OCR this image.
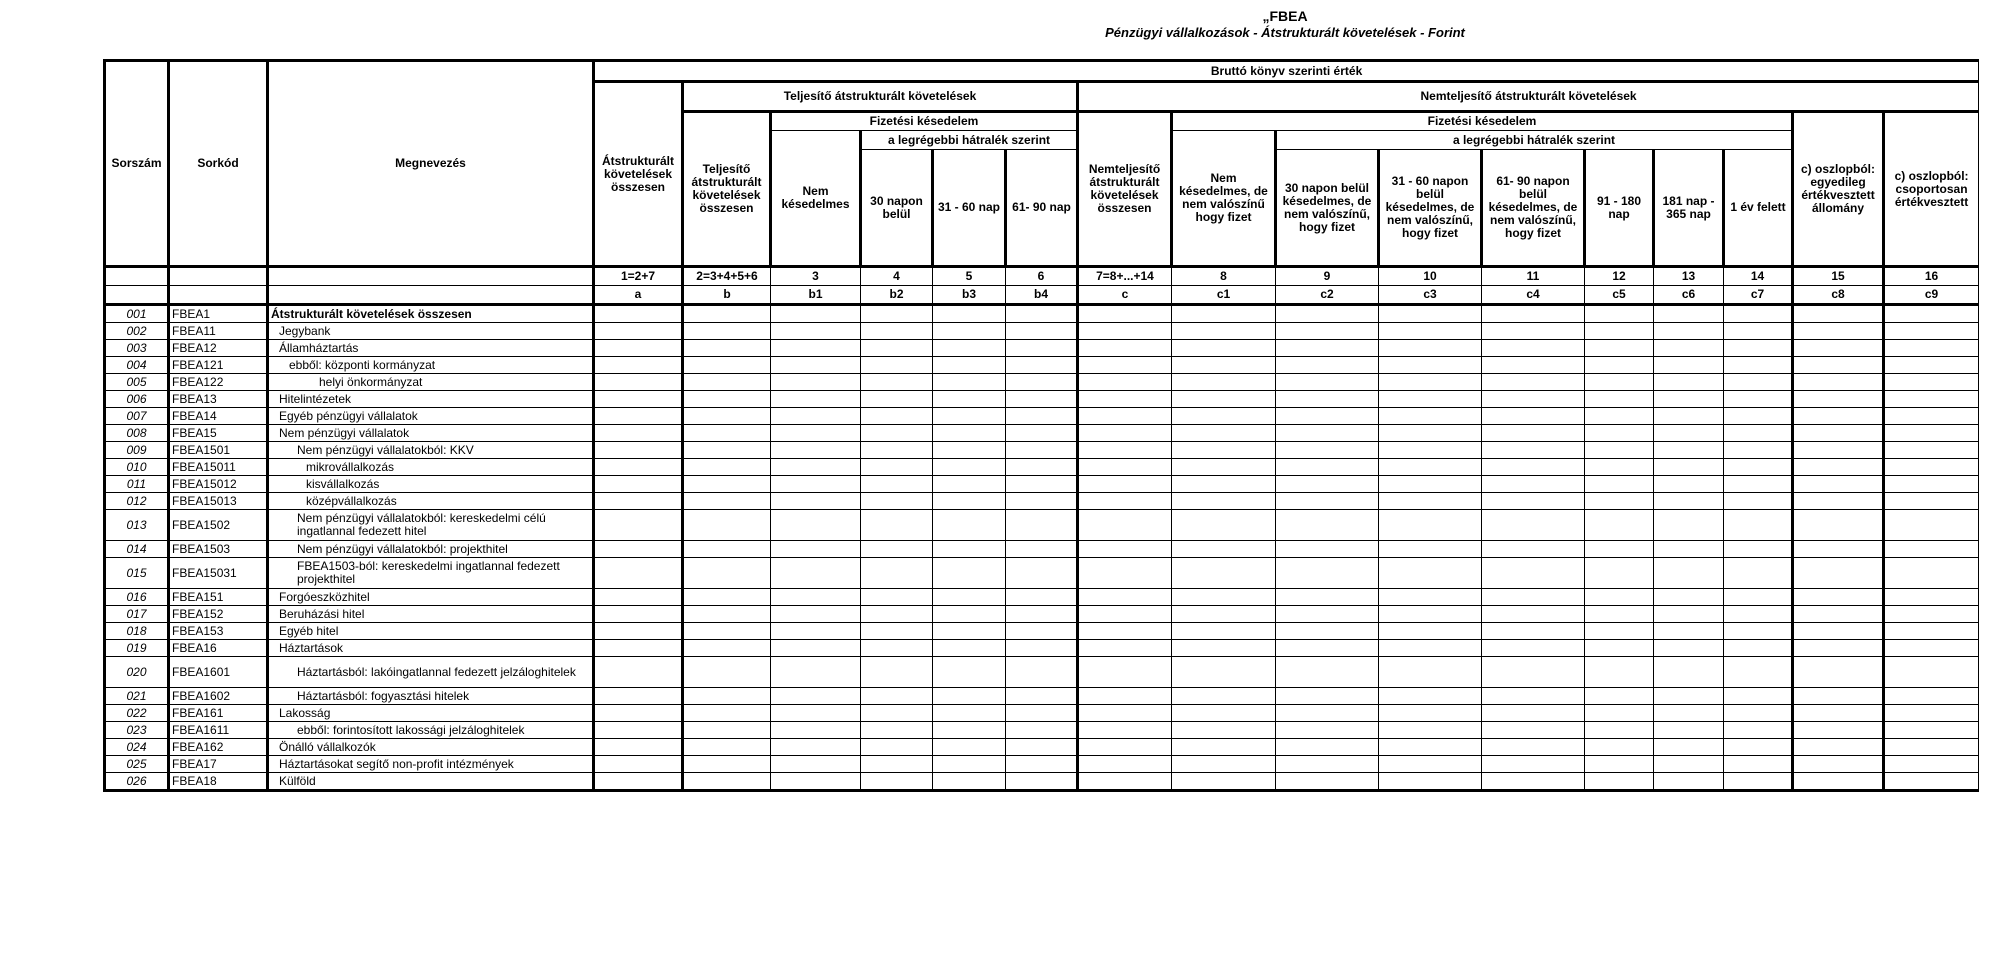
„FBEA
Pénzügyi vállalkozások - Átstrukturált követelések - Forint
Sorszám	Sorkód	Megnevezés	Bruttó könyv szerinti érték															
			Átstrukturált követelések összesen	Teljesítő átstrukturált követelések					Nemteljesítő átstrukturált követelések									
				Teljesítő átstrukturált követelések összesen	Fizetési késedelem				Nemteljesítő átstrukturált követelések összesen	Fizetési késedelem							c) oszlopból: egyedileg értékvesztett állomány	c) oszlopból: csoportosan értékvesztett
					Nem késedelmes	a legrégebbi hátralék szerint				Nem késedelmes, de nem valószínű hogy fizet	a legrégebbi hátralék szerint							
						30 napon belül	31 - 60 nap	61- 90 nap			30 napon belül késedelmes, de nem valószínű, hogy fizet	31 - 60 napon belül késedelmes, de nem valószínű, hogy fizet	61- 90 napon belül késedelmes, de nem valószínű, hogy fizet	91 - 180 nap	181 nap - 365 nap	1 év felett		
			1=2+7	2=3+4+5+6	3	4	5	6	7=8+...+14	8	9	10	11	12	13	14	15	16
			a	b	b1	b2	b3	b4	c	c1	c2	c3	c4	c5	c6	c7	c8	c9
001	FBEA1	Átstrukturált követelések összesen																
002	FBEA11	Jegybank																
003	FBEA12	Államháztartás																
004	FBEA121	ebből: központi kormányzat																
005	FBEA122	helyi önkormányzat																
006	FBEA13	Hitelintézetek																
007	FBEA14	Egyéb pénzügyi vállalatok																
008	FBEA15	Nem pénzügyi vállalatok																
009	FBEA1501	Nem pénzügyi vállalatokból: KKV																
010	FBEA15011	mikrovállalkozás																
011	FBEA15012	kisvállalkozás																
012	FBEA15013	középvállalkozás																
013	FBEA1502	Nem pénzügyi vállalatokból: kereskedelmi célú ingatlannal fedezett hitel																
014	FBEA1503	Nem pénzügyi vállalatokból: projekthitel																
015	FBEA15031	FBEA1503-ból: kereskedelmi ingatlannal fedezett projekthitel																
016	FBEA151	Forgóeszközhitel																
017	FBEA152	Beruházási hitel																
018	FBEA153	Egyéb hitel																
019	FBEA16	Háztartások																
020	FBEA1601	Háztartásból: lakóingatlannal fedezett jelzáloghitelek																
021	FBEA1602	Háztartásból: fogyasztási hitelek																
022	FBEA161	Lakosság																
023	FBEA1611	ebből: forintosított lakossági jelzáloghitelek																
024	FBEA162	Önálló vállalkozók																
025	FBEA17	Háztartásokat segítő non-profit intézmények																
026	FBEA18	Külföld																
